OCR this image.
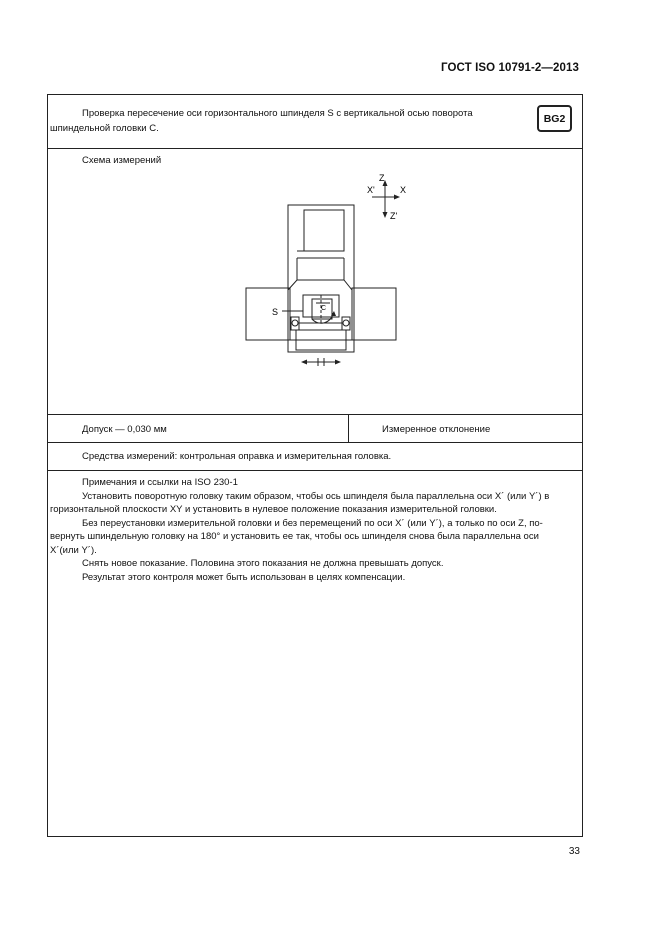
ГОСТ ISO 10791-2—2013
Проверка пересечение оси горизонтального шпинделя S с вертикальной осью поворота
шпиндельной головки С.
BG2
Схема измерений
Z
X'	X
Z'
S	C
Допуск — 0,030 мм	Измеренное отклонение
Средства измерений: контрольная оправка и измерительная головка.

Примечания и ссылки на ISO 230-1

Установить поворотную головку таким образом, чтобы ось шпинделя была параллельна оси X´ (или Y´) в

горизонтальной плоскости XY и установить в нулевое положение показания измерительной головки.

Без переустановки измерительной головки и без перемещений по оси X´ (или Y´), а только по оси Z, по-

вернуть шпиндельную головку на 180° и установить ее так, чтобы ось шпинделя снова была параллельна оси

X´(или Y´).

Снять новое показание. Половина этого показания не должна превышать допуск.

Результат этого контроля может быть использован в целях компенсации.

33
